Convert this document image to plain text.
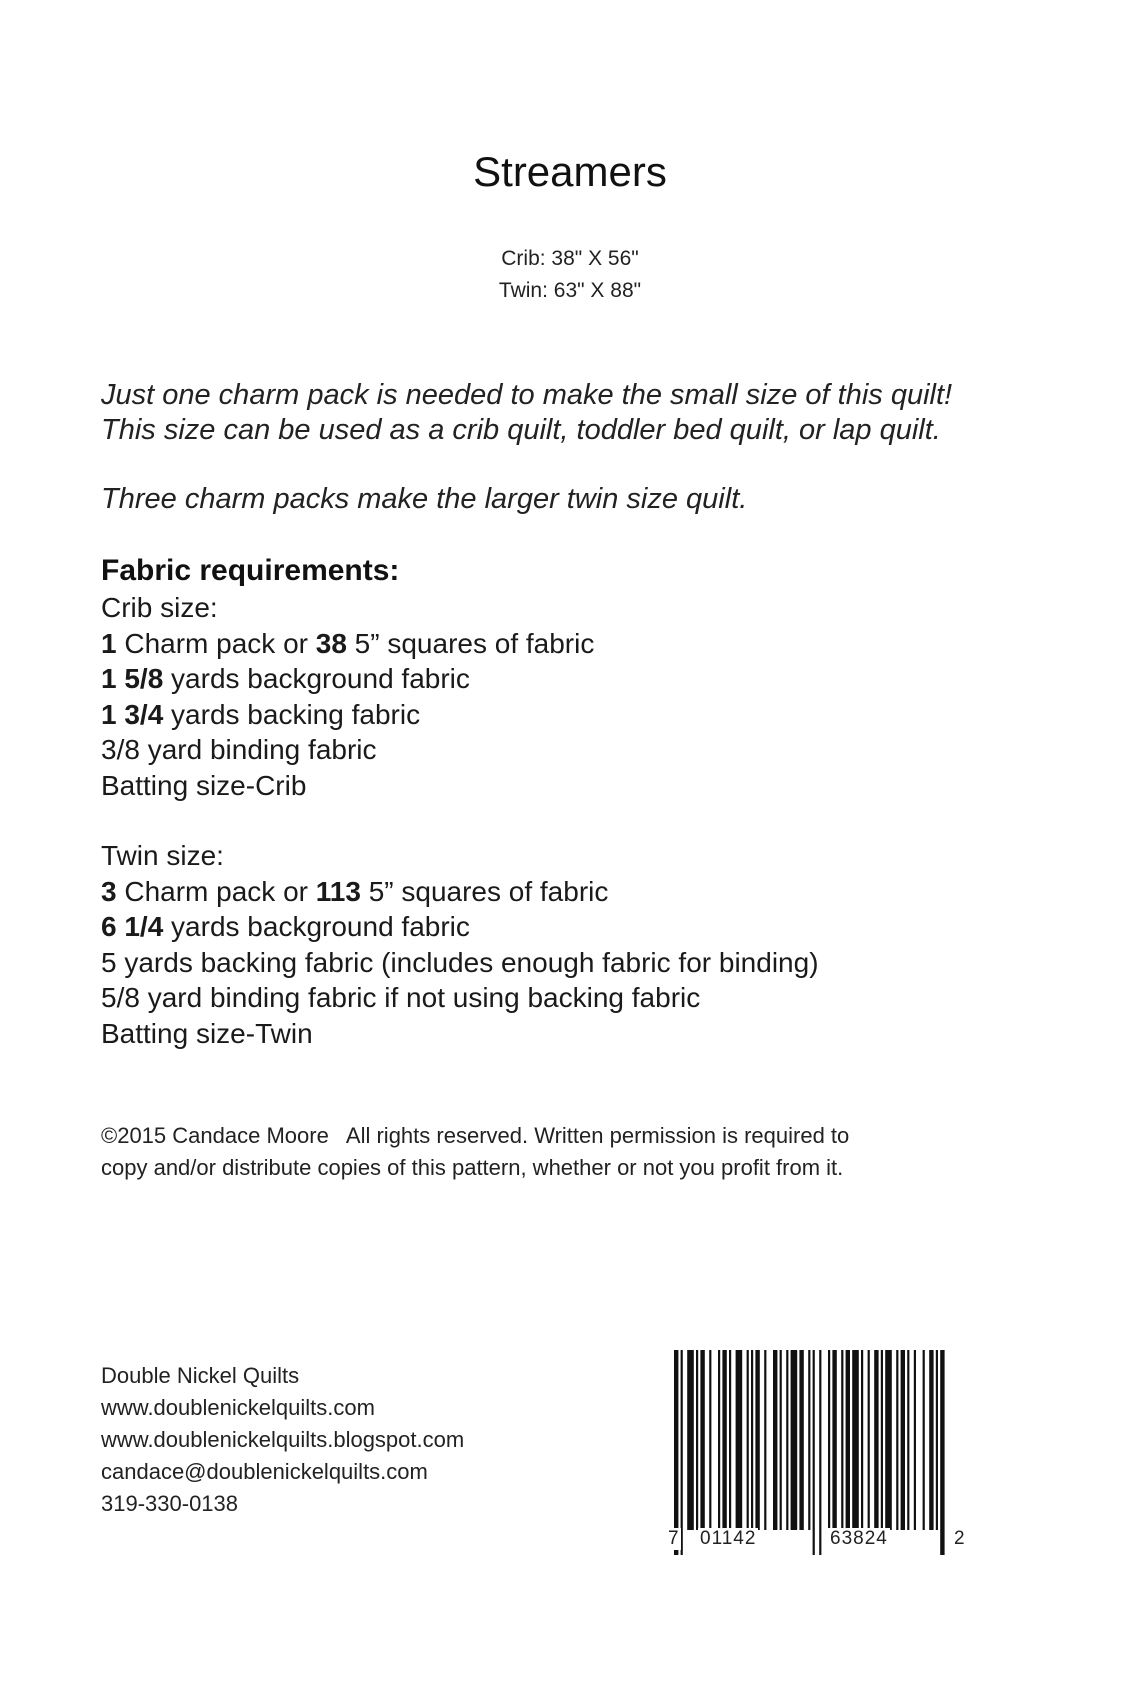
Streamers
Crib: 38" X 56"
Twin: 63" X 88"

Just one charm pack is needed to make the small size of this quilt!
This size can be used as a crib quilt, toddler bed quilt, or lap quilt.

Three charm packs make the larger twin size quilt.

Fabric requirements:
Crib size:
1 Charm pack or 38 5” squares of fabric
1 5/8 yards background fabric
1 3/4 yards backing fabric
3/8 yard binding fabric
Batting size-Crib
Twin size:
3 Charm pack or 113 5” squares of fabric
6 1/4 yards background fabric
5 yards backing fabric (includes enough fabric for binding)
5/8 yard binding fabric if not using backing fabric
Batting size-Twin
©2015 Candace Moore   All rights reserved. Written permission is required to
copy and/or distribute copies of this pattern, whether or not you profit from it.
Double Nickel Quilts
www.doublenickelquilts.com
www.doublenickelquilts.blogspot.com
candace@doublenickelquilts.com
319-330-0138
7 01142	63824	2
